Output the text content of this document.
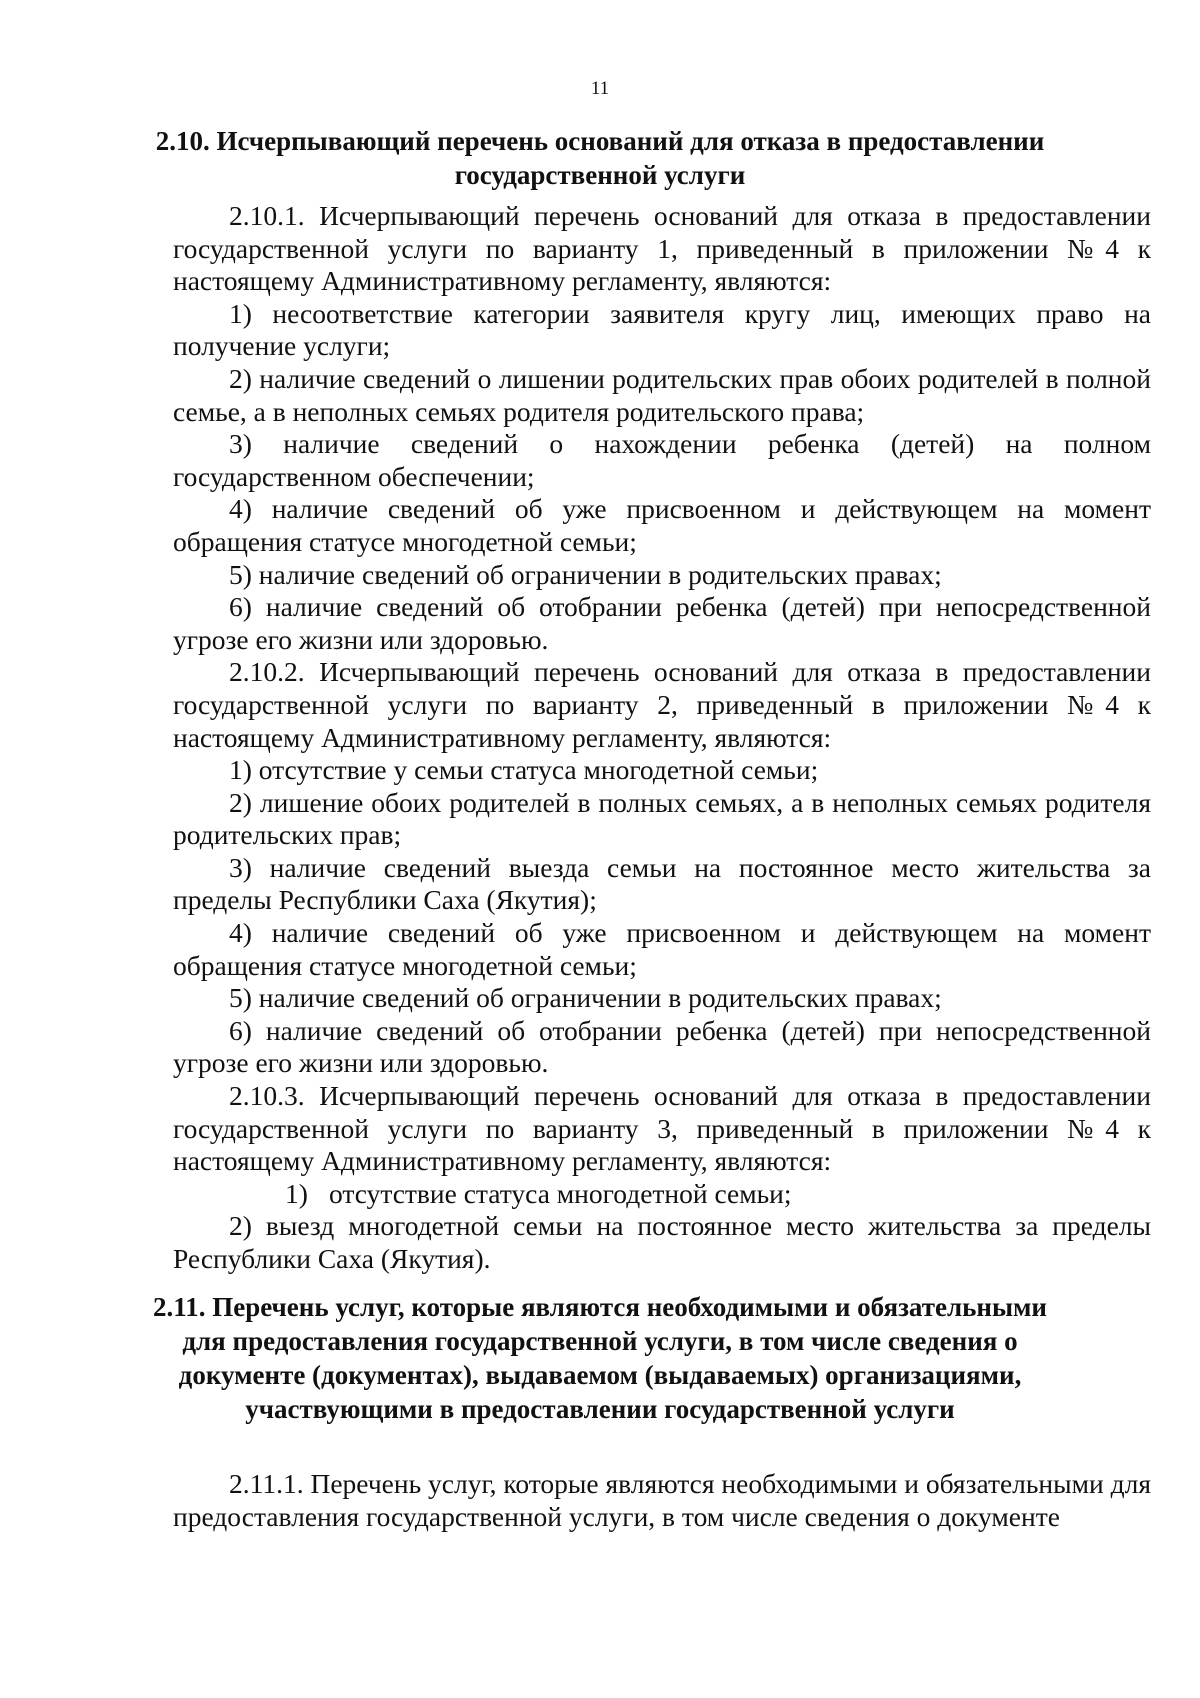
11
2.10. Исчерпывающий перечень оснований для отказа в предоставлении государственной услуги

2.10.1. Исчерпывающий перечень оснований для отказа в предоставлении государственной услуги по варианту 1, приведенный в приложении №4 к настоящему Административному регламенту, являются:

1) несоответствие категории заявителя кругу лиц, имеющих право на получение услуги;

2) наличие сведений о лишении родительских прав обоих родителей в полной семье, а в неполных семьях родителя родительского права;

3) наличие сведений о нахождении ребенка (детей) на полном государственном обеспечении;

4) наличие сведений об уже присвоенном и действующем на момент обращения статусе многодетной семьи;

5) наличие сведений об ограничении в родительских правах;

6) наличие сведений об отобрании ребенка (детей) при непосредственной угрозе его жизни или здоровью.

2.10.2. Исчерпывающий перечень оснований для отказа в предоставлении государственной услуги по варианту 2, приведенный в приложении №4 к настоящему Административному регламенту, являются:

1) отсутствие у семьи статуса многодетной семьи;

2) лишение обоих родителей в полных семьях, а в неполных семьях родителя родительских прав;

3) наличие сведений выезда семьи на постоянное место жительства за пределы Республики Саха (Якутия);

4) наличие сведений об уже присвоенном и действующем на момент обращения статусе многодетной семьи;

5) наличие сведений об ограничении в родительских правах;

6) наличие сведений об отобрании ребенка (детей) при непосредственной угрозе его жизни или здоровью.

2.10.3. Исчерпывающий перечень оснований для отказа в предоставлении государственной услуги по варианту 3, приведенный в приложении №4 к настоящему Административному регламенту, являются:

1) отсутствие статуса многодетной семьи;

2) выезд многодетной семьи на постоянное место жительства за пределы Республики Саха (Якутия).

2.11. Перечень услуг, которые являются необходимыми и обязательными для предоставления государственной услуги, в том числе сведения о документе (документах), выдаваемом (выдаваемых) организациями, участвующими в предоставлении государственной услуги

2.11.1. Перечень услуг, которые являются необходимыми и обязательными для предоставления государственной услуги, в том числе сведения о документе
